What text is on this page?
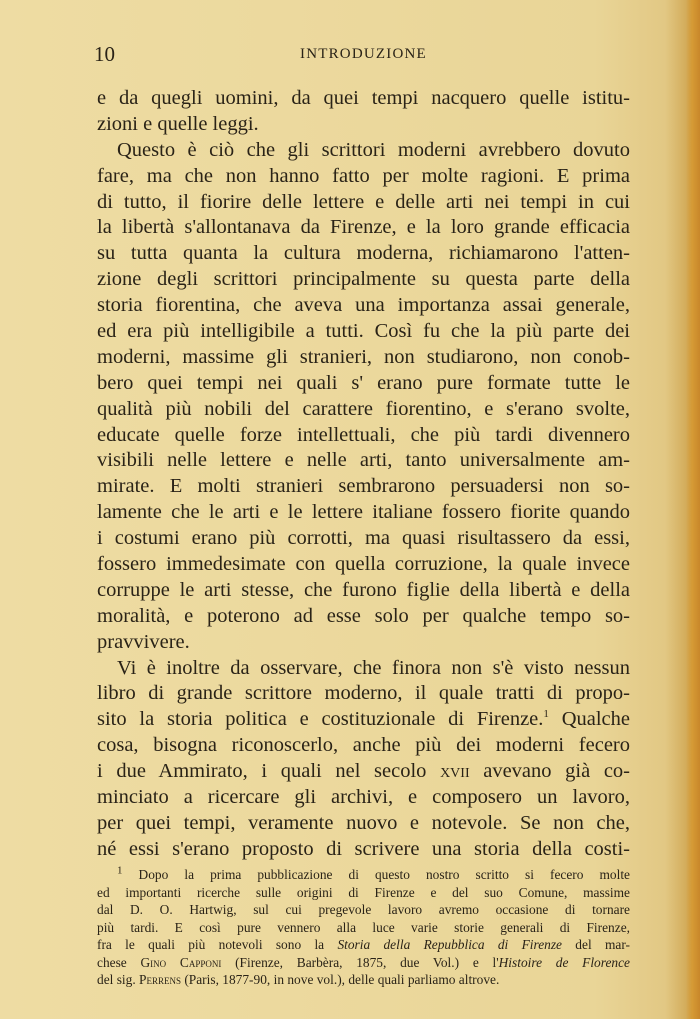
10	INTRODUZIONE
e da quegli uomini, da quei tempi nacquero quelle istitu-
zioni e quelle leggi.
Questo è ciò che gli scrittori moderni avrebbero dovuto
fare, ma che non hanno fatto per molte ragioni. E prima
di tutto, il fiorire delle lettere e delle arti nei tempi in cui
la libertà s'allontanava da Firenze, e la loro grande efficacia
su tutta quanta la cultura moderna, richiamarono l'atten-
zione degli scrittori principalmente su questa parte della
storia fiorentina, che aveva una importanza assai generale,
ed era più intelligibile a tutti. Così fu che la più parte dei
moderni, massime gli stranieri, non studiarono, non conob-
bero quei tempi nei quali s' erano pure formate tutte le
qualità più nobili del carattere fiorentino, e s'erano svolte,
educate quelle forze intellettuali, che più tardi divennero
visibili nelle lettere e nelle arti, tanto universalmente am-
mirate. E molti stranieri sembrarono persuadersi non so-
lamente che le arti e le lettere italiane fossero fiorite quando
i costumi erano più corrotti, ma quasi risultassero da essi,
fossero immedesimate con quella corruzione, la quale invece
corruppe le arti stesse, che furono figlie della libertà e della
moralità, e poterono ad esse solo per qualche tempo so-
pravvivere.
Vi è inoltre da osservare, che finora non s'è visto nessun
libro di grande scrittore moderno, il quale tratti di propo-
sito la storia politica e costituzionale di Firenze.$^1$ Qualche
cosa, bisogna riconoscerlo, anche più dei moderni fecero
i due Ammirato, i quali nel secolo xvii avevano già co-
minciato a ricercare gli archivi, e composero un lavoro,
per quei tempi, veramente nuovo e notevole. Se non che,
né essi s'erano proposto di scrivere una storia della costi-
$^1$ Dopo la prima pubblicazione di questo nostro scritto si fecero molte
ed importanti ricerche sulle origini di Firenze e del suo Comune, massime
dal D. O. Hartwig, sul cui pregevole lavoro avremo occasione di tornare
più tardi. E così pure vennero alla luce varie storie generali di Firenze,
fra le quali più notevoli sono la Storia della Repubblica di Firenze del mar-
chese Gino Capponi (Firenze, Barbèra, 1875, due Vol.) e l'Histoire de Florence
del sig. Perrens (Paris, 1877-90, in nove vol.), delle quali parliamo altrove.
